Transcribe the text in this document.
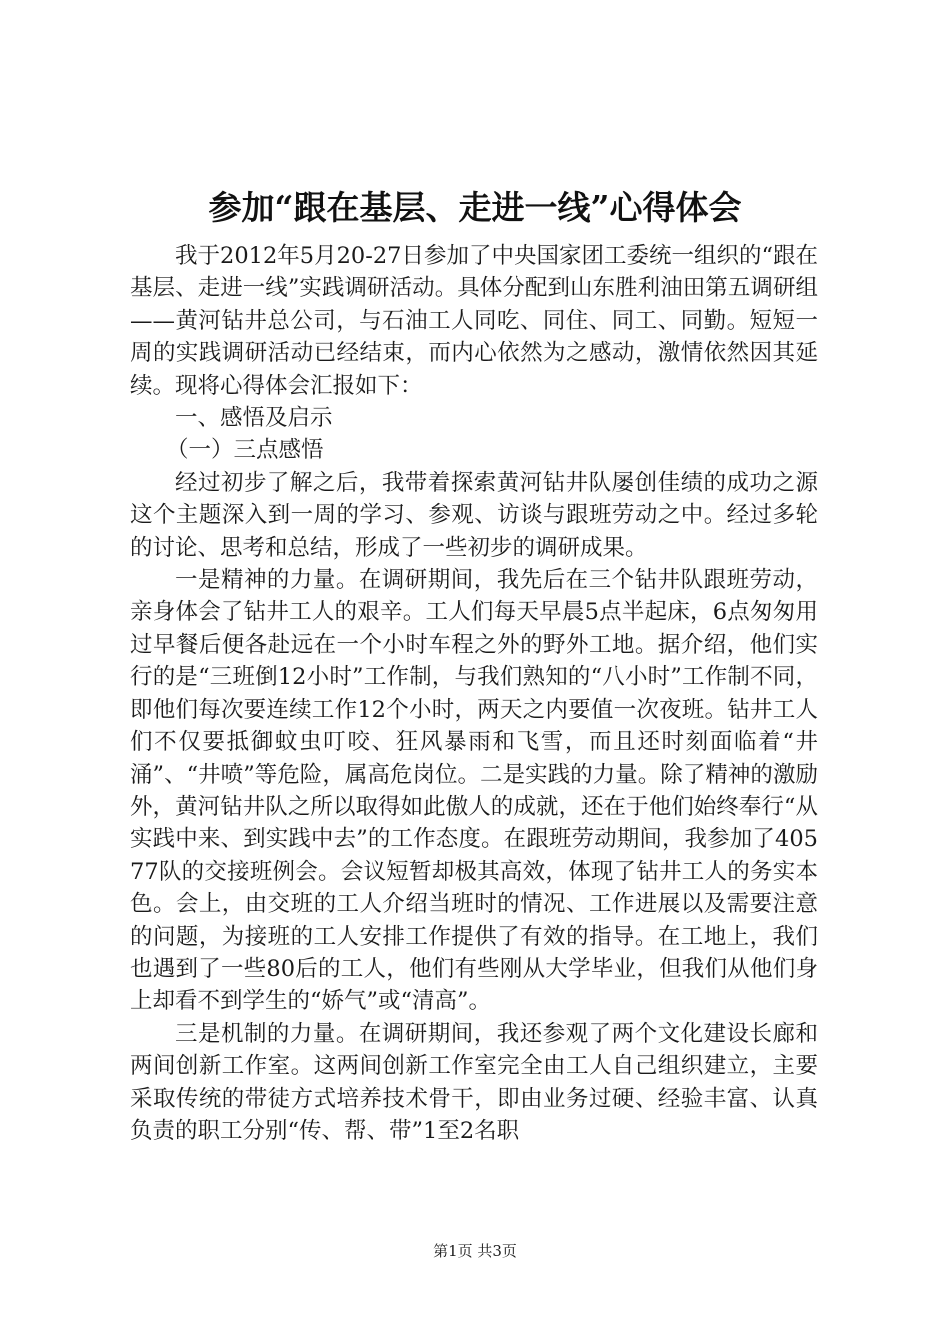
参加“跟在基层、走进一线”心得体会

我于2012年5月20-27日参加了中央国家团工委统一组织的“跟在基层、走进一线”实践调研活动。具体分配到山东胜利油田第五调研组——黄河钻井总公司，与石油工人同吃、同住、同工、同勤。短短一周的实践调研活动已经结束，而内心依然为之感动，激情依然因其延续。现将心得体会汇报如下：

一、感悟及启示

（一）三点感悟

经过初步了解之后，我带着探索黄河钻井队屡创佳绩的成功之源这个主题深入到一周的学习、参观、访谈与跟班劳动之中。经过多轮的讨论、思考和总结，形成了一些初步的调研成果。

一是精神的力量。在调研期间，我先后在三个钻井队跟班劳动，亲身体会了钻井工人的艰辛。工人们每天早晨5点半起床，6点匆匆用过早餐后便各赴远在一个小时车程之外的野外工地。据介绍，他们实行的是“三班倒12小时”工作制，与我们熟知的“八小时”工作制不同，即他们每次要连续工作12个小时，两天之内要值一次夜班。钻井工人们不仅要抵御蚊虫叮咬、狂风暴雨和飞雪，而且还时刻面临着“井涌”、“井喷”等危险，属高危岗位。二是实践的力量。除了精神的激励外，黄河钻井队之所以取得如此傲人的成就，还在于他们始终奉行“从实践中来、到实践中去”的工作态度。在跟班劳动期间，我参加了40577队的交接班例会。会议短暂却极其高效，体现了钻井工人的务实本色。会上，由交班的工人介绍当班时的情况、工作进展以及需要注意的问题，为接班的工人安排工作提供了有效的指导。在工地上，我们也遇到了一些80后的工人，他们有些刚从大学毕业，但我们从他们身上却看不到学生的“娇气”或“清高”。

三是机制的力量。在调研期间，我还参观了两个文化建设长廊和两间创新工作室。这两间创新工作室完全由工人自己组织建立，主要采取传统的带徒方式培养技术骨干，即由业务过硬、经验丰富、认真负责的职工分别“传、帮、带”1至2名职

第1页 共3页
